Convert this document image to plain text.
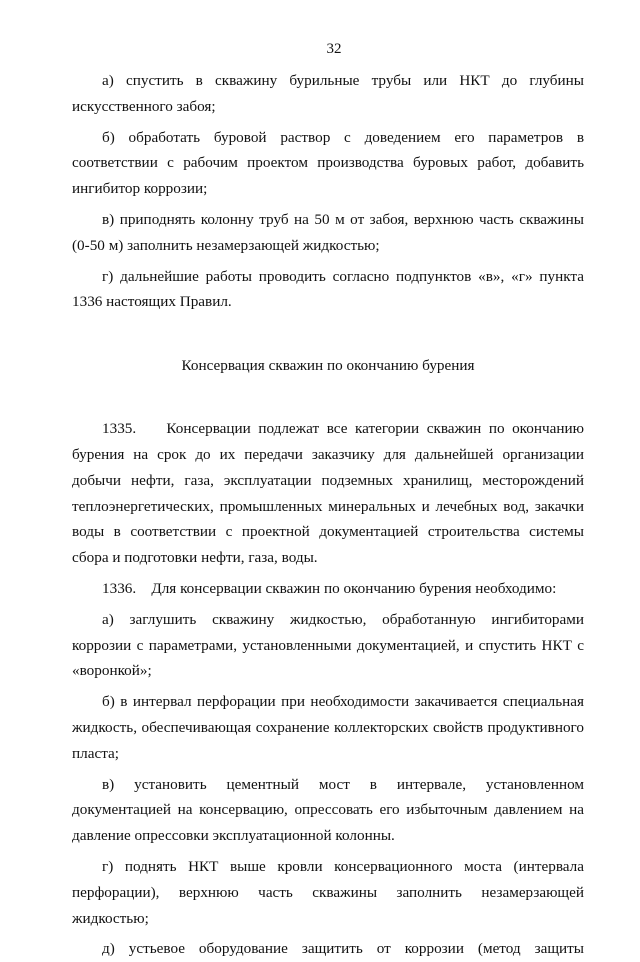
32

а) спустить в скважину бурильные трубы или НКТ до глубины искусственного забоя;

б) обработать буровой раствор с доведением его параметров в соответствии с рабочим проектом производства буровых работ, добавить ингибитор коррозии;

в) приподнять колонну труб на 50 м от забоя, верхнюю часть скважины (0-50 м) заполнить незамерзающей жидкостью;

г) дальнейшие работы проводить согласно подпунктов «в», «г» пункта 1336 настоящих Правил.

Консервация скважин по окончанию бурения

1335.    Консервации подлежат все категории скважин по окончанию бурения на срок до их передачи заказчику для дальнейшей организации добычи нефти, газа, эксплуатации подземных хранилищ, месторождений теплоэнергетических, промышленных минеральных и лечебных вод, закачки воды в соответствии с проектной документацией строительства системы сбора и подготовки нефти, газа, воды.

1336.    Для консервации скважин по окончанию бурения необходимо:

а) заглушить скважину жидкостью, обработанную ингибиторами коррозии с параметрами, установленными документацией, и спустить НКТ с «воронкой»;

б) в интервал перфорации при необходимости закачивается специальная жидкость, обеспечивающая сохранение коллекторских свойств продуктивного пласта;

в) установить цементный мост в интервале, установленном документацией на консервацию, опрессовать его избыточным давлением на давление опрессовки эксплуатационной колонны.

г) поднять НКТ выше кровли консервационного моста (интервала перфорации), верхнюю часть скважины заполнить незамерзающей жидкостью;

д) устьевое оборудование защитить от коррозии (метод защиты
